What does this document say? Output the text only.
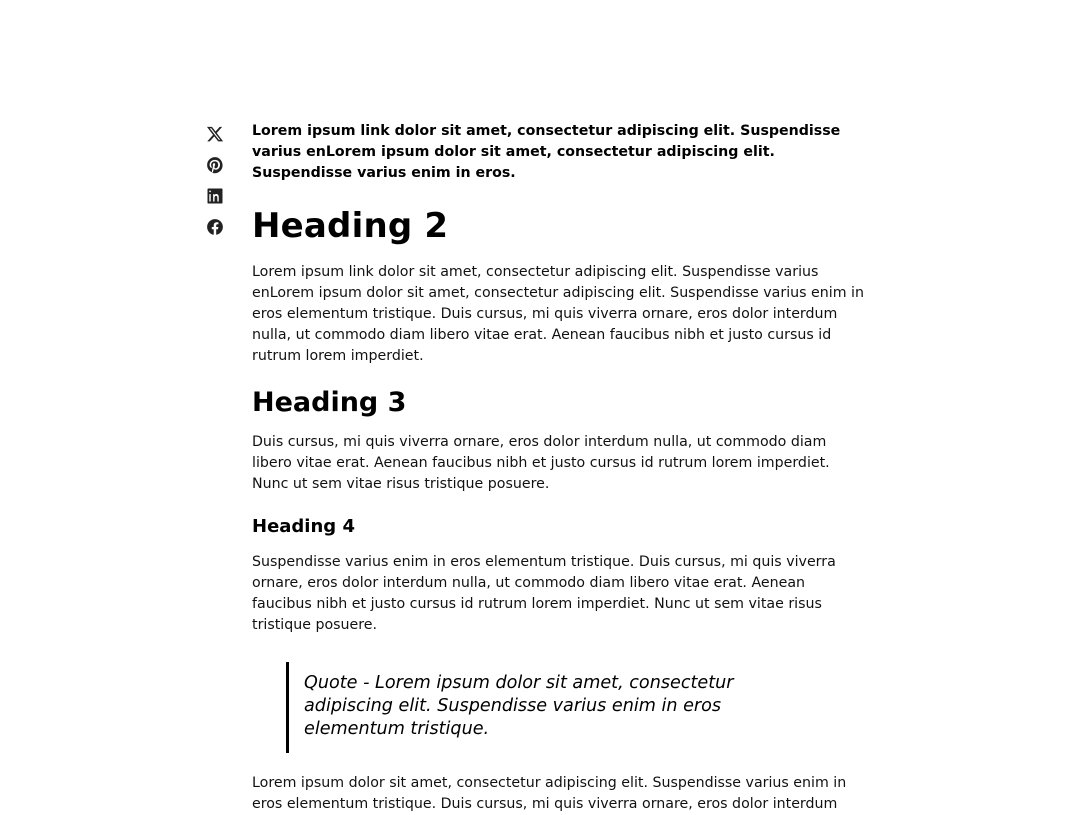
Lorem ipsum link dolor sit amet, consectetur adipiscing elit. Suspendisse varius enLorem ipsum dolor sit amet, consectetur adipiscing elit. Suspendisse varius enim in eros.

Heading 2

Lorem ipsum link dolor sit amet, consectetur adipiscing elit. Suspendisse varius enLorem ipsum dolor sit amet, consectetur adipiscing elit. Suspendisse varius enim in eros elementum tristique. Duis cursus, mi quis viverra ornare, eros dolor interdum nulla, ut commodo diam libero vitae erat. Aenean faucibus nibh et justo cursus id rutrum lorem imperdiet.

Heading 3

Duis cursus, mi quis viverra ornare, eros dolor interdum nulla, ut commodo diam libero vitae erat. Aenean faucibus nibh et justo cursus id rutrum lorem imperdiet. Nunc ut sem vitae risus tristique posuere.

Heading 4

Suspendisse varius enim in eros elementum tristique. Duis cursus, mi quis viverra ornare, eros dolor interdum nulla, ut commodo diam libero vitae erat. Aenean faucibus nibh et justo cursus id rutrum lorem imperdiet. Nunc ut sem vitae risus tristique posuere.

Quote - Lorem ipsum dolor sit amet, consectetur adipiscing elit. Suspendisse varius enim in eros elementum tristique.

Lorem ipsum dolor sit amet, consectetur adipiscing elit. Suspendisse varius enim in eros elementum tristique. Duis cursus, mi quis viverra ornare, eros dolor interdum
